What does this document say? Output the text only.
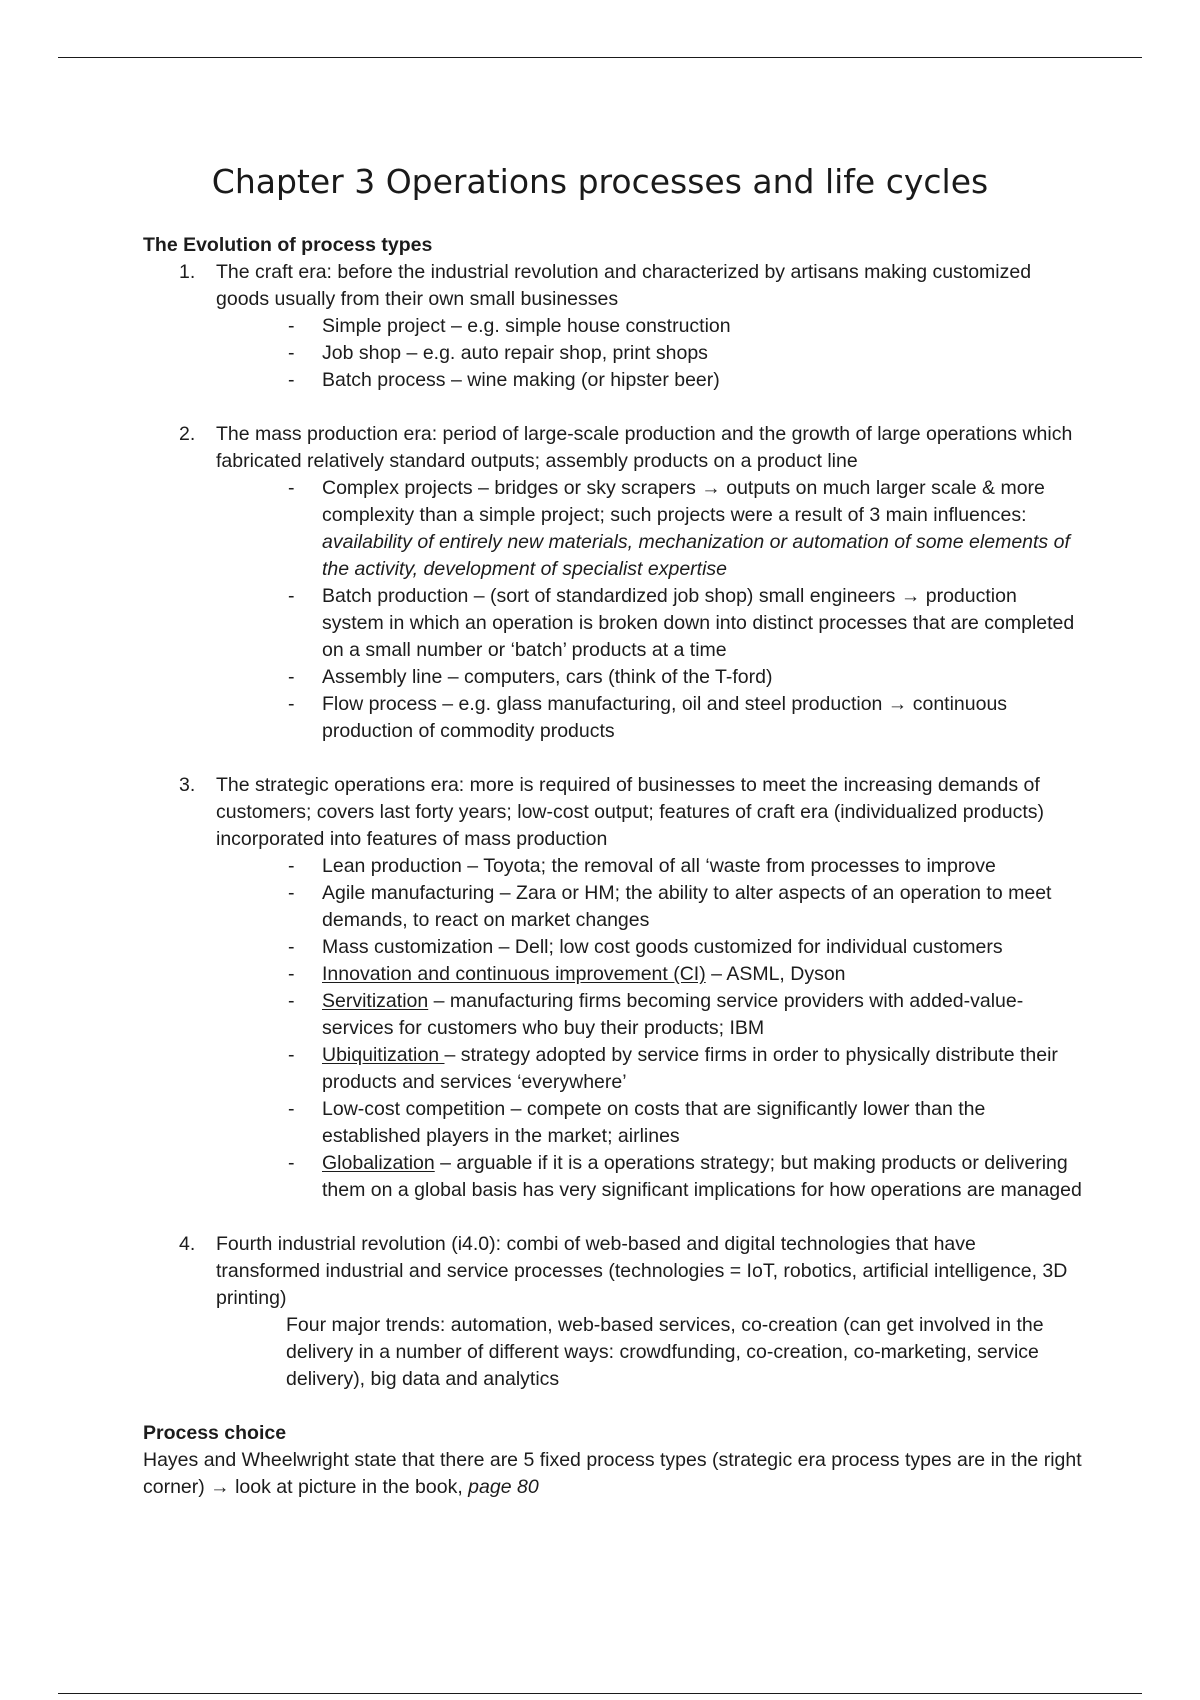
Chapter 3 Operations processes and life cycles

The Evolution of process types

1. The craft era: before the industrial revolution and characterized by artisans making customized goods usually from their own small businesses
- Simple project – e.g. simple house construction
- Job shop – e.g. auto repair shop, print shops
- Batch process – wine making (or hipster beer)
2. The mass production era: period of large-scale production and the growth of large operations which fabricated relatively standard outputs; assembly products on a product line
- Complex projects – bridges or sky scrapers → outputs on much larger scale & more complexity than a simple project; such projects were a result of 3 main influences: availability of entirely new materials, mechanization or automation of some elements of the activity, development of specialist expertise
- Batch production – (sort of standardized job shop) small engineers → production system in which an operation is broken down into distinct processes that are completed on a small number or ‘batch’ products at a time
- Assembly line – computers, cars (think of the T-ford)
- Flow process – e.g. glass manufacturing, oil and steel production → continuous production of commodity products
3. The strategic operations era: more is required of businesses to meet the increasing demands of customers; covers last forty years; low-cost output; features of craft era (individualized products) incorporated into features of mass production
- Lean production – Toyota; the removal of all ‘waste from processes to improve
- Agile manufacturing – Zara or HM; the ability to alter aspects of an operation to meet demands, to react on market changes
- Mass customization – Dell; low cost goods customized for individual customers
- Innovation and continuous improvement (CI) – ASML, Dyson
- Servitization – manufacturing firms becoming service providers with added-value-services for customers who buy their products; IBM
- Ubiquitization – strategy adopted by service firms in order to physically distribute their products and services ‘everywhere’
- Low-cost competition – compete on costs that are significantly lower than the established players in the market; airlines
- Globalization – arguable if it is a operations strategy; but making products or delivering them on a global basis has very significant implications for how operations are managed
4. Fourth industrial revolution (i4.0): combi of web-based and digital technologies that have transformed industrial and service processes (technologies = IoT, robotics, artificial intelligence, 3D printing)

Four major trends: automation, web-based services, co-creation (can get involved in the delivery in a number of different ways: crowdfunding, co-creation, co-marketing, service delivery), big data and analytics

Process choice

Hayes and Wheelwright state that there are 5 fixed process types (strategic era process types are in the right corner) → look at picture in the book, page 80
